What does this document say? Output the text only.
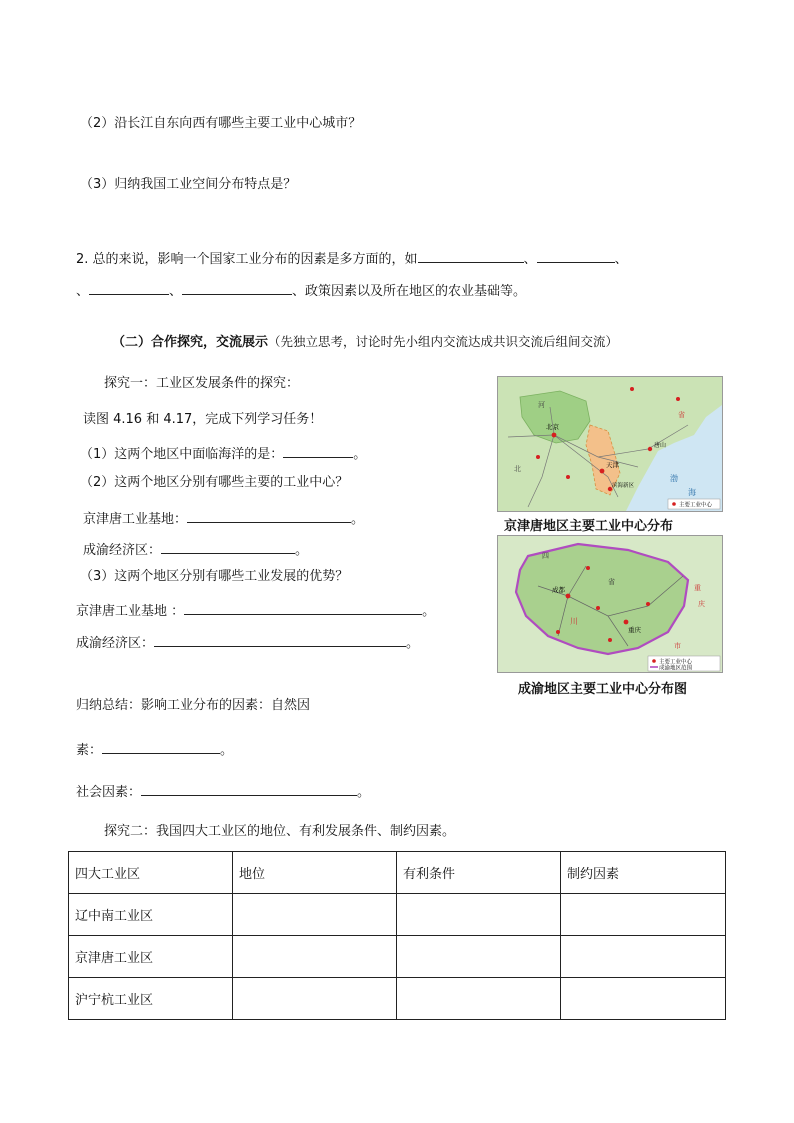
（2）沿长江自东向西有哪些主要工业中心城市？
（3）归纳我国工业空间分布特点是？
2. 总的来说，影响一个国家工业分布的因素是多方面的，如	、	、
、	、	、政策因素以及所在地区的农业基础等。
（二）合作探究，交流展示（先独立思考，讨论时先小组内交流达成共识交流后组间交流）
探究一：工业区发展条件的探究：
读图 4.16 和 4.17，完成下列学习任务！
（1）这两个地区中面临海洋的是：	。
（2）这两个地区分别有哪些主要的工业中心？
京津唐工业基地：	。
成渝经济区：	。
（3）这两个地区分别有哪些工业发展的优势？
京津唐工业基地 ：	。
成渝经济区：	。
北京
天津
唐山
滨海新区
河
北
省
渤
海
主要工业中心
京津唐地区主要工业中心分布
成都
重庆
四
川
省
重
庆
市
主要工业中心
成渝地区范围
成渝地区主要工业中心分布图
归纳总结：影响工业分布的因素：自然因
素：	。
社会因素：	。
探究二：我国四大工业区的地位、有利发展条件、制约因素。
四大工业区	地位	有利条件	制约因素
辽中南工业区			
京津唐工业区			
沪宁杭工业区			
